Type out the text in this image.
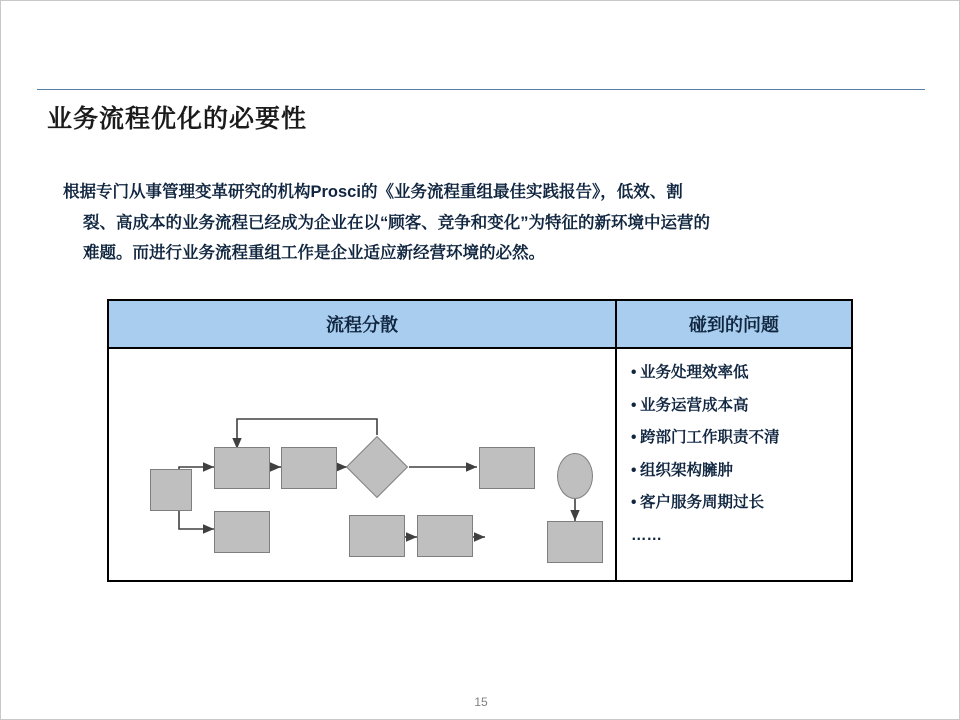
业务流程优化的必要性
根据专门从事管理变革研究的机构Prosci的《业务流程重组最佳实践报告》，低效、割
裂、高成本的业务流程已经成为企业在以“顾客、竞争和变化”为特征的新环境中运营的
难题。而进行业务流程重组工作是企业适应新经营环境的必然。
流程分散	碰到的问题
• 业务处理效率低
• 业务运营成本高
• 跨部门工作职责不清
• 组织架构臃肿
• 客户服务周期过长
……
15
